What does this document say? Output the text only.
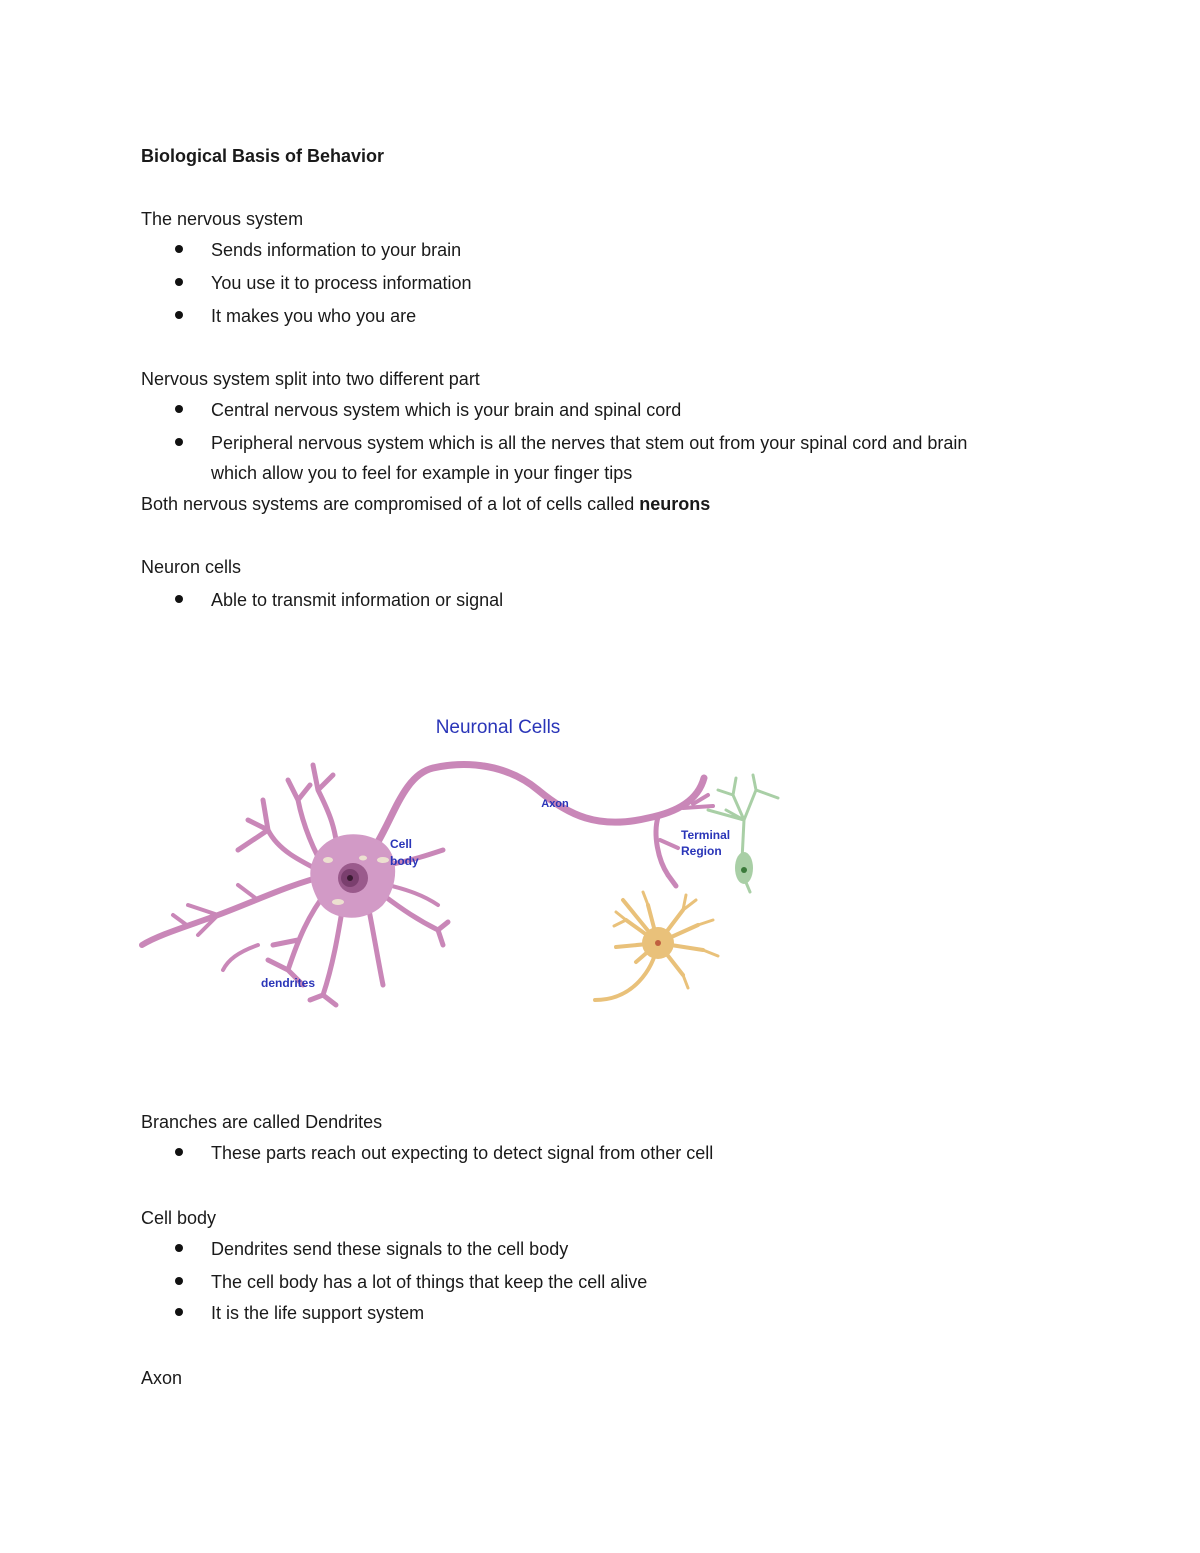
Biological Basis of Behavior
The nervous system
Sends information to your brain
You use it to process information
It makes you who you are
Nervous system split into two different part
Central nervous system which is your brain and spinal cord
Peripheral nervous system which is all the nerves that stem out from your spinal cord and brain
which allow you to feel for example in your finger tips
Both nervous systems are compromised of a lot of cells called neurons
Neuron cells
Able to transmit information or signal
Neuronal Cells
Axon
Cell
body
Terminal
Region
dendrites
Branches are called Dendrites
These parts reach out expecting to detect signal from other cell
Cell body
Dendrites send these signals to the cell body
The cell body has a lot of things that keep the cell alive
It is the life support system
Axon
